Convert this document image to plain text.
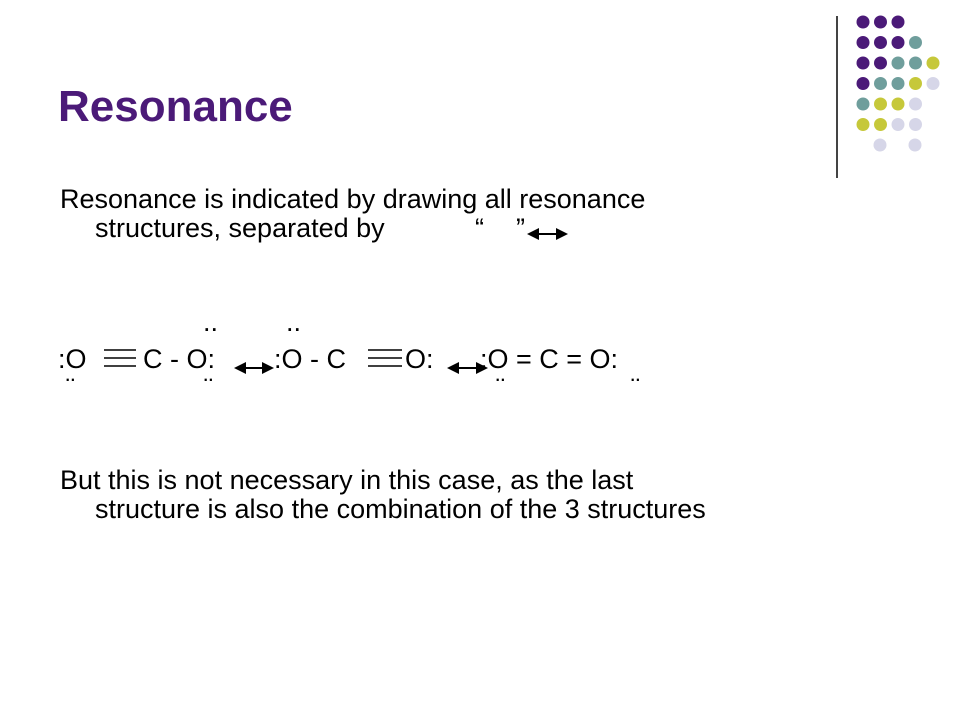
Resonance
Resonance is indicated by drawing all resonance
structures, separated by	“ ”
..	..
:O C - O: :O - C O: :O = C = O:
¨	¨	¨	¨
But this is not necessary in this case, as the last
structure is also the combination of the 3 structures
